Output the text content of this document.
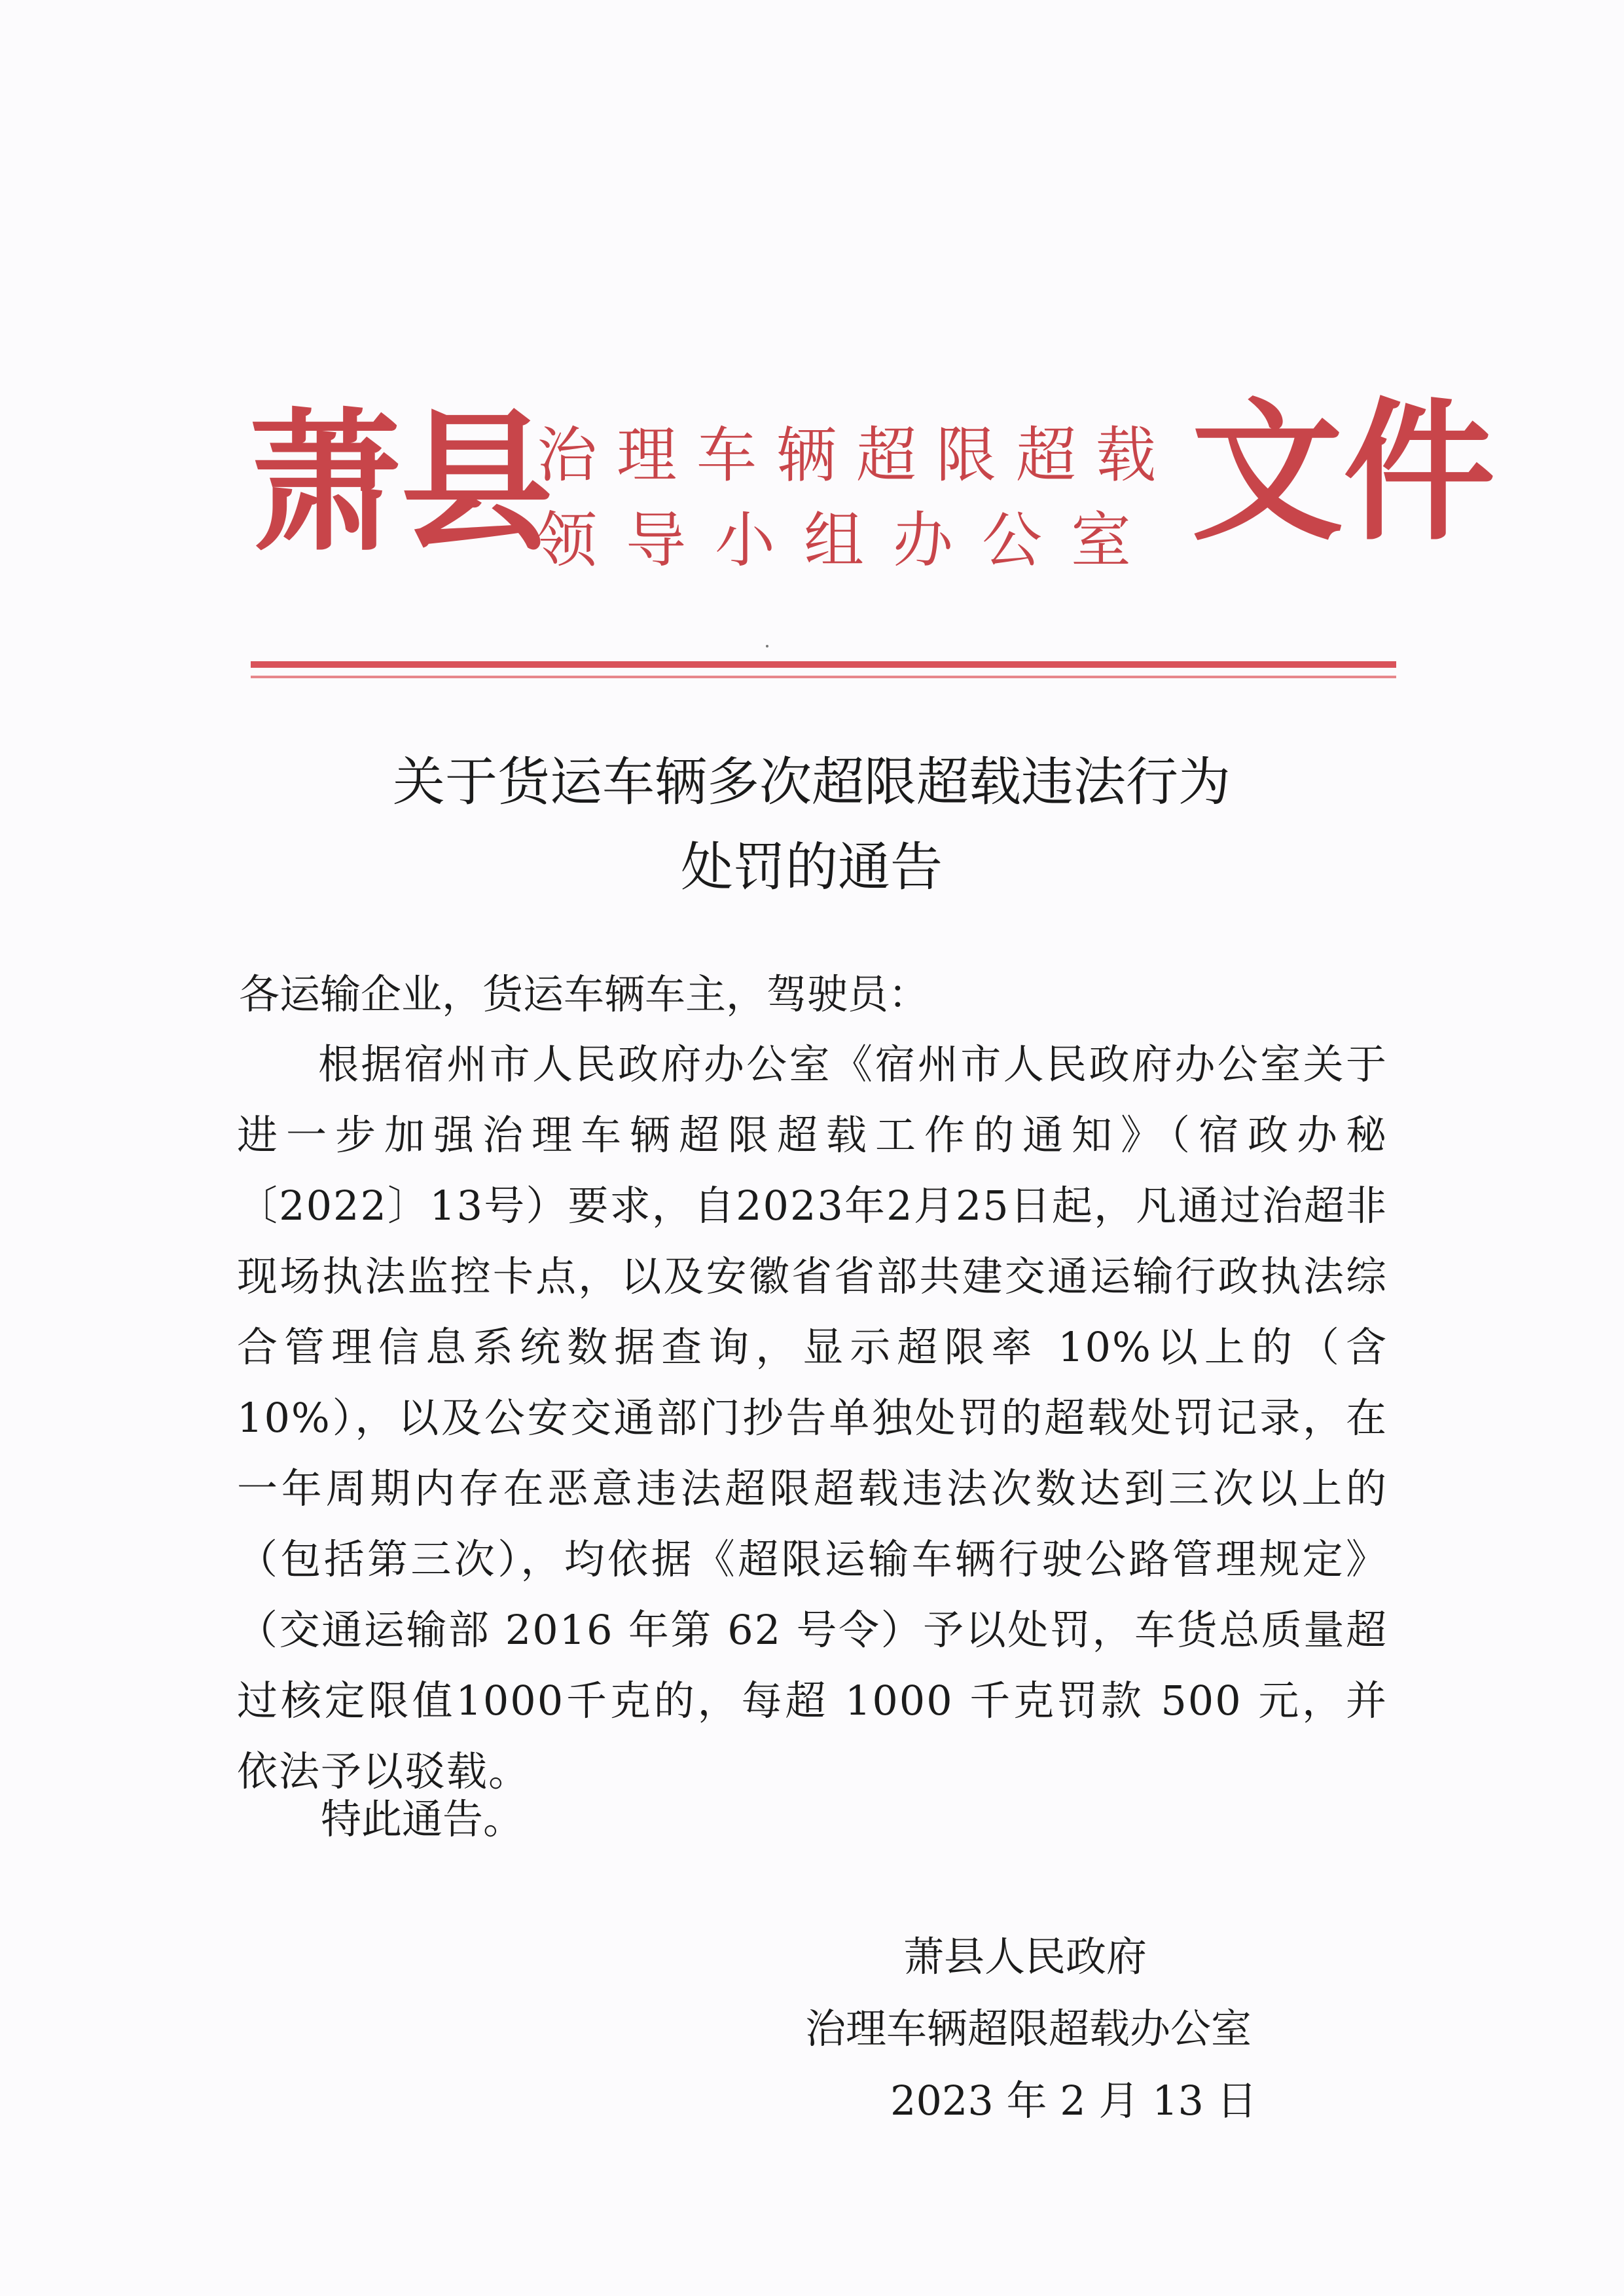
萧县
治理车辆超限超载
领导小组办公室 文件
关于货运车辆多次超限超载违法行为
处罚的通告
各运输企业，货运车辆车主，驾驶员：
根据宿州市人民政府办公室《宿州市人民政府办公室关于进一步加强治理车辆超限超载工作的通知》（宿政办秘〔2022〕13号）要求，自2023年2月25日起，凡通过治超非现场执法监控卡点，以及安徽省省部共建交通运输行政执法综合管理信息系统数据查询，显示超限率 10%以上的（含10%），以及公安交通部门抄告单独处罚的超载处罚记录，在一年周期内存在恶意违法超限超载违法次数达到三次以上的（包括第三次），均依据《超限运输车辆行驶公路管理规定》（交通运输部 2016 年第 62 号令）予以处罚，车货总质量超过核定限值1000千克的，每超 1000 千克罚款 500 元，并依法予以驳载。
特此通告。
萧县人民政府
治理车辆超限超载办公室
2023 年 2 月 13 日
